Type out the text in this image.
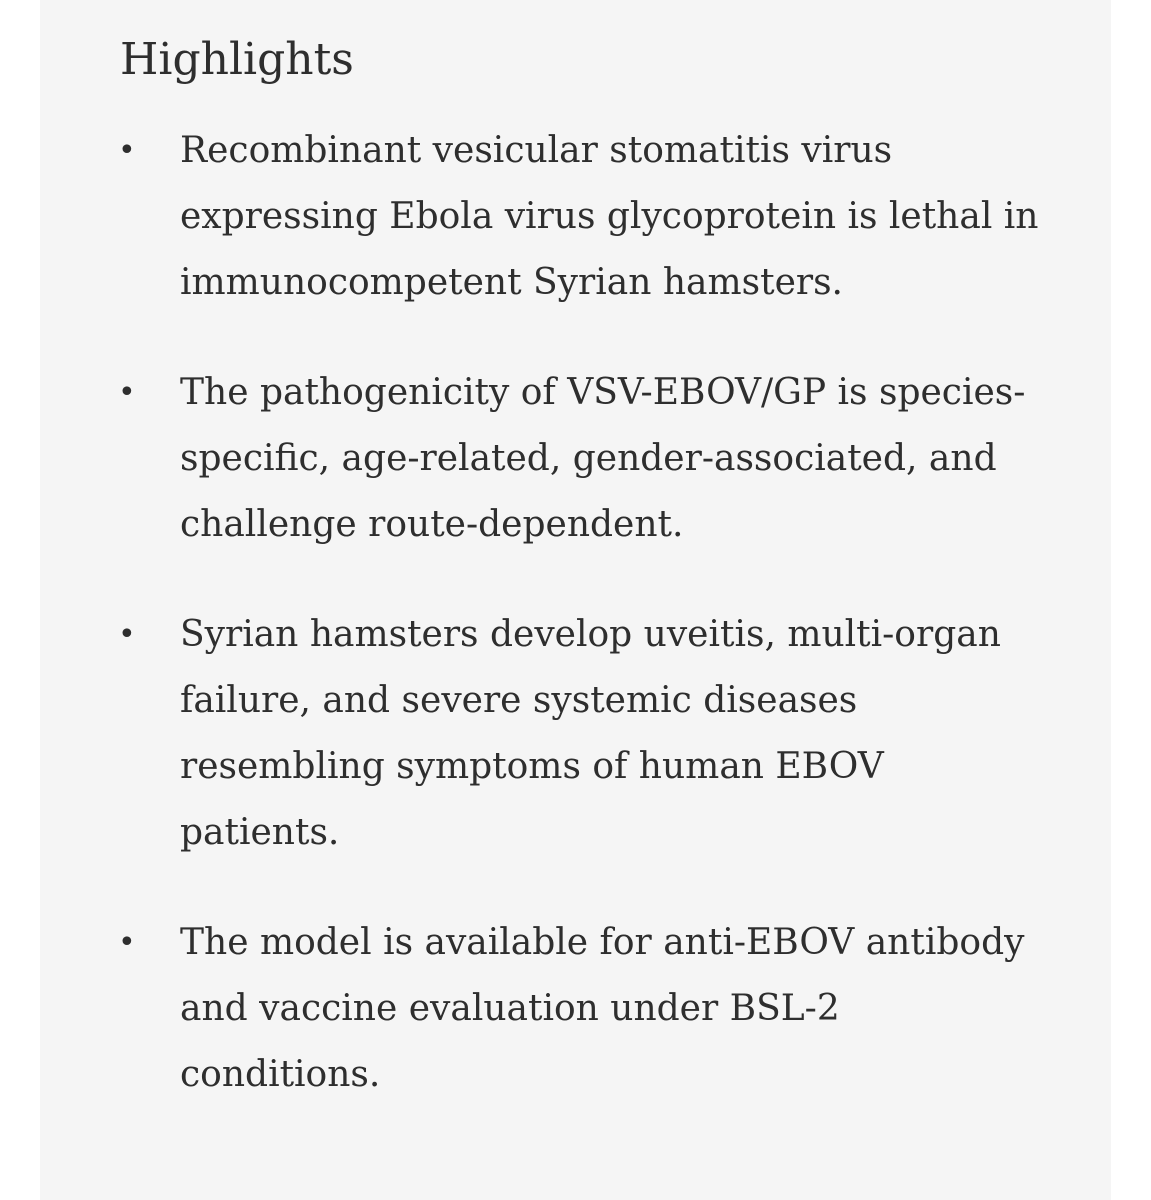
Highlights
• Recombinant vesicular stomatitis virus expressing Ebola virus glycoprotein is lethal in immunocompetent Syrian hamsters.
• The pathogenicity of VSV-EBOV/GP is species-specific, age-related, gender-associated, and challenge route-dependent.
• Syrian hamsters develop uveitis, multi-organ failure, and severe systemic diseases resembling symptoms of human EBOV patients.
• The model is available for anti-EBOV antibody and vaccine evaluation under BSL-2 conditions.
